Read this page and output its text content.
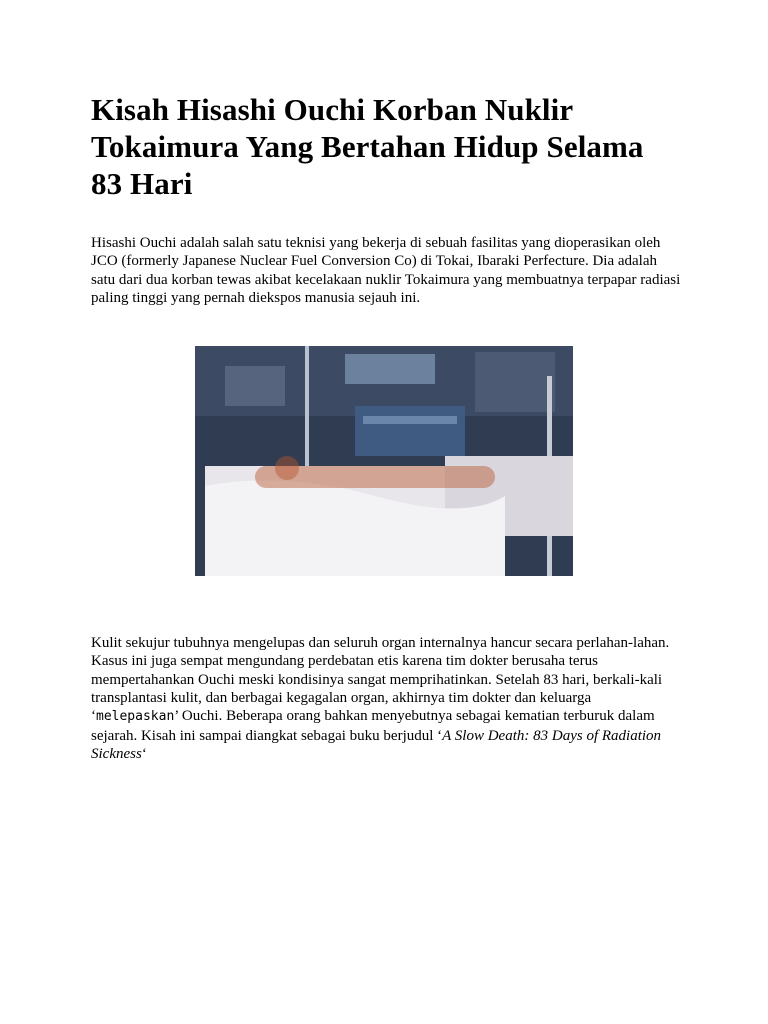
Kisah Hisashi Ouchi Korban Nuklir Tokaimura Yang Bertahan Hidup Selama 83 Hari

Hisashi Ouchi adalah salah satu teknisi yang bekerja di sebuah fasilitas yang dioperasikan oleh JCO (formerly Japanese Nuclear Fuel Conversion Co) di Tokai, Ibaraki Perfecture. Dia adalah satu dari dua korban tewas akibat kecelakaan nuklir Tokaimura yang membuatnya terpapar radiasi paling tinggi yang pernah diekspos manusia sejauh ini.

Kulit sekujur tubuhnya mengelupas dan seluruh organ internalnya hancur secara perlahan-lahan. Kasus ini juga sempat mengundang perdebatan etis karena tim dokter berusaha terus mempertahankan Ouchi meski kondisinya sangat memprihatinkan. Setelah 83 hari, berkali-kali transplantasi kulit, dan berbagai kegagalan organ, akhirnya tim dokter dan keluarga ‘melepaskan’ Ouchi. Beberapa orang bahkan menyebutnya sebagai kematian terburuk dalam sejarah. Kisah ini sampai diangkat sebagai buku berjudul ‘A Slow Death: 83 Days of Radiation Sickness‘
